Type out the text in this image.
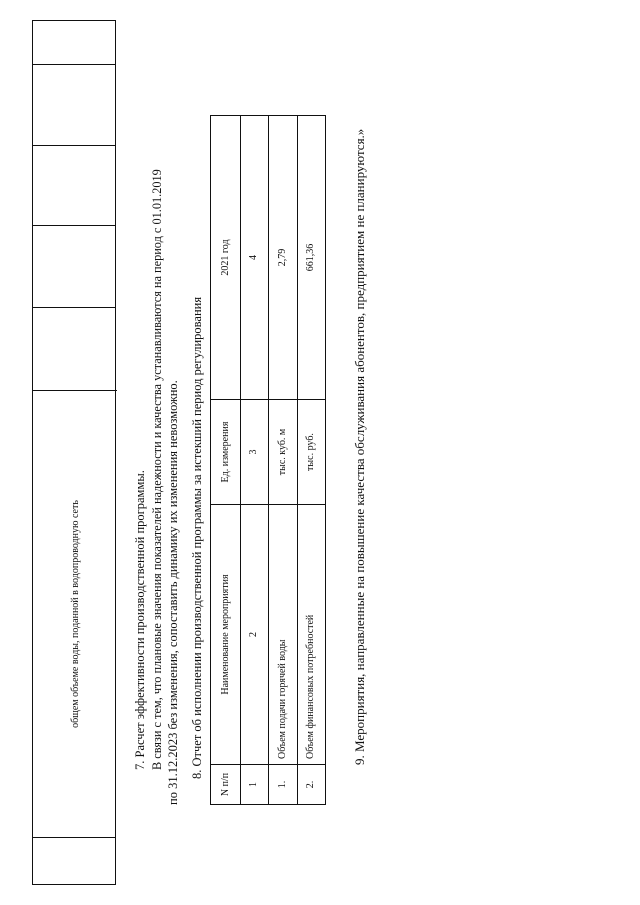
общем объеме воды, поданной в водопроводную сеть	7. Расчет эффективности производственной программы. В связи с тем, что плановые значения показателей надежности и качества устанавливаются на период с 01.01.2019 по 31.12.2023 без изменения, сопоставить динамику их изменения невозможно. 8. Отчет об исполнении производственной программы за истекший период регулирования
N п/п
Наименование мероприятия
Ед. измерения
2021 год
1
2
3
4
1.
Объем подачи горячей воды
тыс. куб. м
2,79
2.
Объем финансовых потребностей
тыс. руб.
661,36	9. Мероприятия, направленные на повышение качества обслуживания абонентов, предприятием не планируются.»
